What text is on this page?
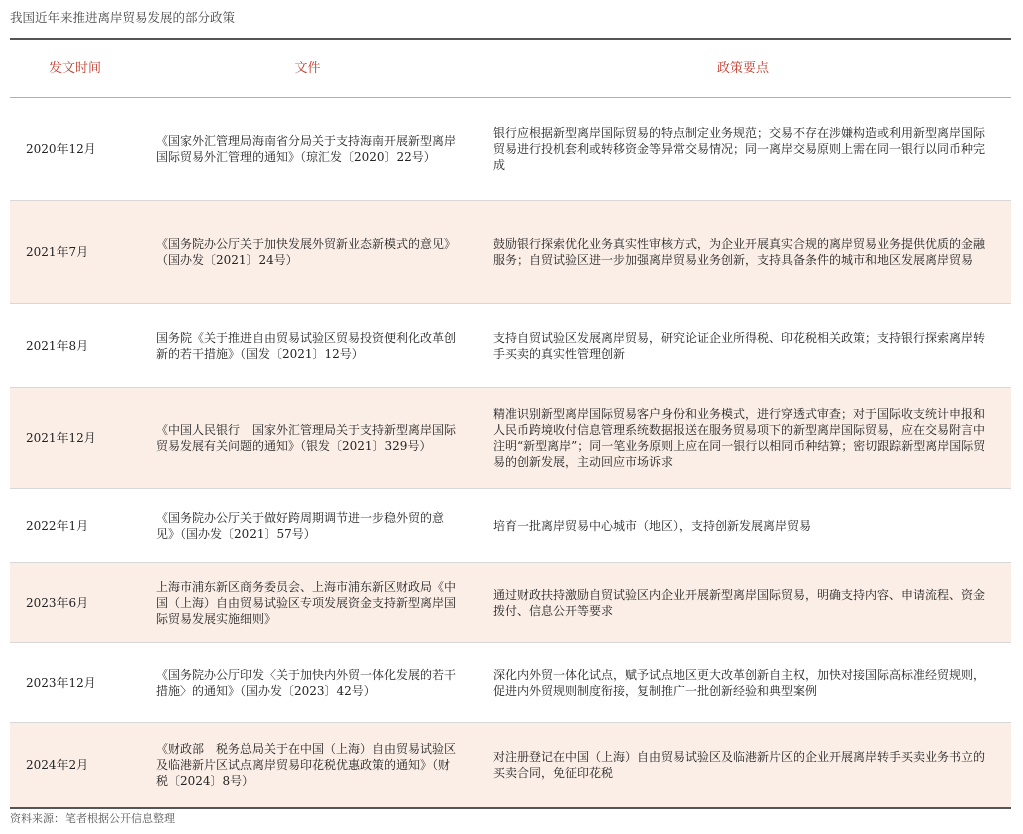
我国近年来推进离岸贸易发展的部分政策
发文时间	文件	政策要点
2020年12月
《国家外汇管理局海南省分局关于支持海南开展新型离岸国际贸易外汇管理的通知》（琼汇发〔2020〕22号）
银行应根据新型离岸国际贸易的特点制定业务规范；交易不存在涉嫌构造或利用新型离岸国际贸易进行投机套利或转移资金等异常交易情况；同一离岸交易原则上需在同一银行以同币种完成
2021年7月
《国务院办公厅关于加快发展外贸新业态新模式的意见》（国办发〔2021〕24号）
鼓励银行探索优化业务真实性审核方式，为企业开展真实合规的离岸贸易业务提供优质的金融服务；自贸试验区进一步加强离岸贸易业务创新，支持具备条件的城市和地区发展离岸贸易
2021年8月
国务院《关于推进自由贸易试验区贸易投资便利化改革创新的若干措施》（国发〔2021〕12号）
支持自贸试验区发展离岸贸易，研究论证企业所得税、印花税相关政策；支持银行探索离岸转手买卖的真实性管理创新
2021年12月
《中国人民银行　国家外汇管理局关于支持新型离岸国际贸易发展有关问题的通知》（银发〔2021〕329号）
精准识别新型离岸国际贸易客户身份和业务模式，进行穿透式审查；对于国际收支统计申报和人民币跨境收付信息管理系统数据报送在服务贸易项下的新型离岸国际贸易，应在交易附言中注明“新型离岸”；同一笔业务原则上应在同一银行以相同币种结算；密切跟踪新型离岸国际贸易的创新发展，主动回应市场诉求
2022年1月
《国务院办公厅关于做好跨周期调节进一步稳外贸的意见》（国办发〔2021〕57号）
培育一批离岸贸易中心城市（地区），支持创新发展离岸贸易
2023年6月
上海市浦东新区商务委员会、上海市浦东新区财政局《中国（上海）自由贸易试验区专项发展资金支持新型离岸国际贸易发展实施细则》
通过财政扶持激励自贸试验区内企业开展新型离岸国际贸易，明确支持内容、申请流程、资金拨付、信息公开等要求
2023年12月
《国务院办公厅印发〈关于加快内外贸一体化发展的若干措施〉的通知》（国办发〔2023〕42号）
深化内外贸一体化试点，赋予试点地区更大改革创新自主权，加快对接国际高标准经贸规则，促进内外贸规则制度衔接，复制推广一批创新经验和典型案例
2024年2月
《财政部　税务总局关于在中国（上海）自由贸易试验区及临港新片区试点离岸贸易印花税优惠政策的通知》（财税〔2024〕8号）
对注册登记在中国（上海）自由贸易试验区及临港新片区的企业开展离岸转手买卖业务书立的买卖合同，免征印花税
资料来源：笔者根据公开信息整理
